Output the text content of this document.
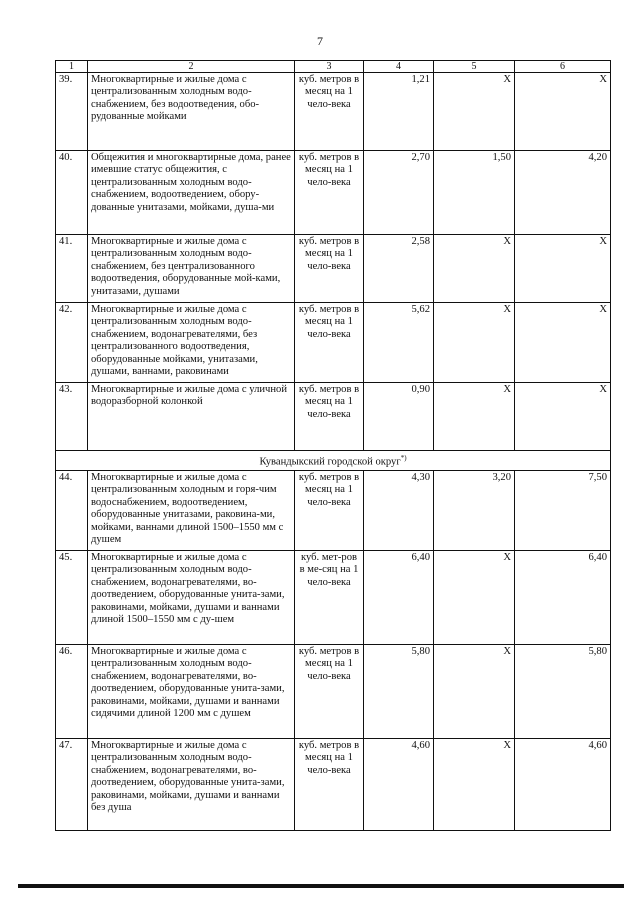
7
1	2	3	4	5	6
39.	Многоквартирные и жилые дома с централизованным холодным водо-снабжением, без водоотведения, обо-рудованные мойками	куб. метров в месяц на 1 чело-века	1,21	Х	Х
40.	Общежития и многоквартирные дома, ранее имевшие статус общежития, с централизованным холодным водо-снабжением, водоотведением, обору-дованные унитазами, мойками, душа-ми	куб. метров в месяц на 1 чело-века	2,70	1,50	4,20
41.	Многоквартирные и жилые дома с централизованным холодным водо-снабжением, без централизованного водоотведения, оборудованные мой-ками, унитазами, душами	куб. метров в месяц на 1 чело-века	2,58	Х	Х
42.	Многоквартирные и жилые дома с централизованным холодным водо-снабжением, водонагревателями, без централизованного водоотведения, оборудованные мойками, унитазами, душами, ваннами, раковинами	куб. метров в месяц на 1 чело-века	5,62	Х	Х
43.	Многоквартирные и жилые дома с уличной водоразборной колонкой	куб. метров в месяц на 1 чело-века	0,90	Х	Х
Кувандыкский городской округ*)
44.	Многоквартирные и жилые дома с централизованным холодным и горя-чим водоснабжением, водоотведением, оборудованные унитазами, раковина-ми, мойками, ваннами длиной 1500–1550 мм с душем	куб. метров в месяц на 1 чело-века	4,30	3,20	7,50
45.	Многоквартирные и жилые дома с централизованным холодным водо-снабжением, водонагревателями, во-доотведением, оборудованные унита-зами, раковинами, мойками, душами и ваннами длиной 1500–1550 мм с ду-шем	куб. мет-ров в ме-сяц на 1 чело-века	6,40	Х	6,40
46.	Многоквартирные и жилые дома с централизованным холодным водо-снабжением, водонагревателями, во-доотведением, оборудованные унита-зами, раковинами, мойками, душами и ваннами сидячими длиной 1200 мм с душем	куб. метров в месяц на 1 чело-века	5,80	Х	5,80
47.	Многоквартирные и жилые дома с централизованным холодным водо-снабжением, водонагревателями, во-доотведением, оборудованные унита-зами, раковинами, мойками, душами и ваннами без душа	куб. метров в месяц на 1 чело-века	4,60	Х	4,60
